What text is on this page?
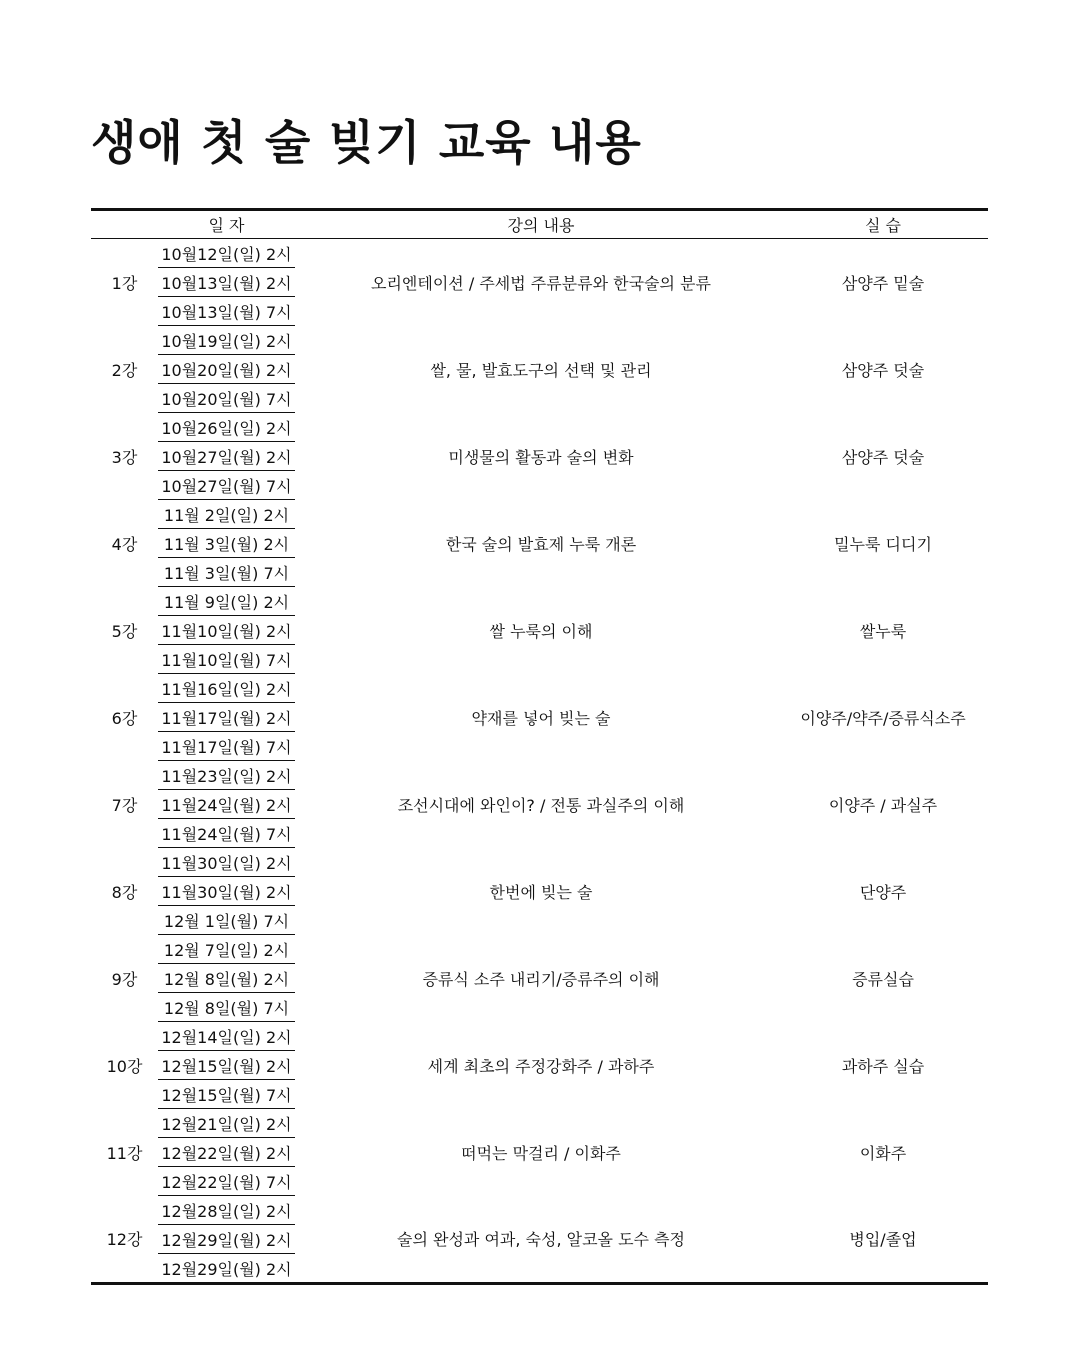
생애 첫 술 빚기 교육 내용
	일 자		강의 내용	실 습
1강	10월12일(일) 2시		오리엔테이션 / 주세법 주류분류와 한국술의 분류	삼양주 밑술
	10월13일(월) 2시			
	10월13일(월) 7시			
2강	10월19일(일) 2시		쌀, 물, 발효도구의 선택 및 관리	삼양주 덧술
	10월20일(월) 2시			
	10월20일(월) 7시			
3강	10월26일(일) 2시		미생물의 활동과 술의 변화	삼양주 덧술
	10월27일(월) 2시			
	10월27일(월) 7시			
4강	11월 2일(일) 2시		한국 술의 발효제 누룩 개론	밀누룩 디디기
	11월 3일(월) 2시			
	11월 3일(월) 7시			
5강	11월 9일(일) 2시		쌀 누룩의 이해	쌀누룩
	11월10일(월) 2시			
	11월10일(월) 7시			
6강	11월16일(일) 2시		약재를 넣어 빚는 술	이양주/약주/증류식소주
	11월17일(월) 2시			
	11월17일(월) 7시			
7강	11월23일(일) 2시		조선시대에 와인이? / 전통 과실주의 이해	이양주 / 과실주
	11월24일(월) 2시			
	11월24일(월) 7시			
8강	11월30일(일) 2시		한번에 빚는 술	단양주
	11월30일(월) 2시			
	12월 1일(월) 7시			
9강	12월 7일(일) 2시		증류식 소주 내리기/증류주의 이해	증류실습
	12월 8일(월) 2시			
	12월 8일(월) 7시			
10강	12월14일(일) 2시		세계 최초의 주정강화주 / 과하주	과하주 실습
	12월15일(월) 2시			
	12월15일(월) 7시			
11강	12월21일(일) 2시		떠먹는 막걸리 / 이화주	이화주
	12월22일(월) 2시			
	12월22일(월) 7시			
12강	12월28일(일) 2시		술의 완성과 여과, 숙성, 알코올 도수 측정	병입/졸업
	12월29일(월) 2시			
	12월29일(월) 2시			
